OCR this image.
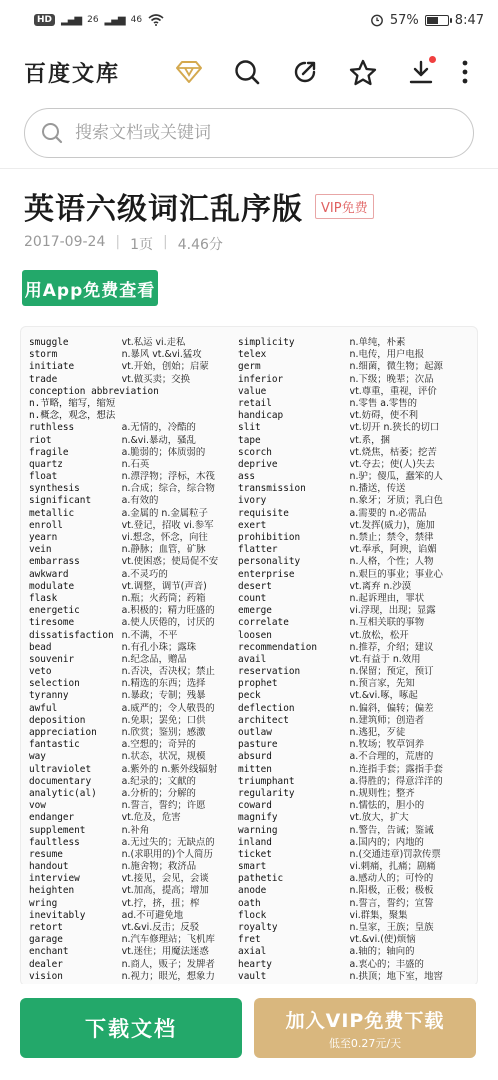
HD ▂▄▆ 26 ▂▄▆ 46	57%	8:47
百度文库
搜索文档或关键词
英语六级词汇乱序版	VIP免费
2017-09-24 | 1页 | 4.46分
用App免费查看
smuggle	vt.私运 vi.走私	simplicity	n.单纯，朴素
storm	n.暴风 vt.&vi.猛攻	telex	n.电传，用户电报
initiate	vt.开始，创始；启蒙	germ	n.细菌，微生物；起源
trade	vt.做买卖；交换	inferior	n.下级；晚辈；次品
conception abbreviation	value	vt.尊重，重视，评价
n.节略，缩写，缩短	retail	n.零售 a.零售的
n.概念，观念，想法	handicap	vt.妨碍，使不利
ruthless	a.无情的，冷酷的	slit	vt.切开 n.狭长的切口
riot	n.&vi.暴动，骚乱	tape	vt.系，捆
fragile	a.脆弱的；体质弱的	scorch	vt.烧焦，枯萎；挖苦
quartz	n.石英	deprive	vt.夺去；使(人)失去
float	n.漂浮物；浮标，木筏	ass	n.驴；傻瓜，蠢笨的人
synthesis	n.合成；综合，综合物	transmission	n.播送，传送
significant	a.有效的	ivory	n.象牙；牙质；乳白色
metallic	a.金属的 n.金属粒子	requisite	a.需要的 n.必需品
enroll	vt.登记，招收 vi.参军	exert	vt.发挥(威力)，施加
yearn	vi.想念，怀念，向往	prohibition	n.禁止；禁令，禁律
vein	n.静脉；血管，矿脉	flatter	vt.奉承，阿谀，谄媚
embarrass	vt.使困惑；使局促不安	personality	n.人格，个性；人物
awkward	a.不灵巧的	enterprise	n.艰巨的事业；事业心
modulate	vt.调整，调节(声音)	desert	vt.离弃 n.沙漠
flask	n.瓶；火药筒；药箱	count	n.起诉理由，罪状
energetic	a.积极的；精力旺盛的	emerge	vi.浮现，出现；显露
tiresome	a.使人厌倦的，讨厌的	correlate	n.互相关联的事物
dissatisfaction n.不满，不平	loosen	vt.放松，松开
bead	n.有孔小珠；露珠	recommendation	n.推荐，介绍；建议
souvenir	n.纪念品，赠品	avail	vt.有益于 n.效用
veto	n.否决，否决权；禁止	reservation	n.保留；预定，预订
selection	n.精选的东西；选择	prophet	n.预言家，先知
tyranny	n.暴政；专制；残暴	peck	vt.&vi.啄，啄起
awful	a.威严的；令人敬畏的	deflection	n.偏斜，偏转；偏差
deposition	n.免职；罢免；口供	architect	n.建筑师；创造者
appreciation	n.欣赏；鉴别；感激	outlaw	n.逃犯，歹徒
fantastic	a.空想的；奇异的	pasture	n.牧场；牧草饲养
way	n.状态，状况，规模	absurd	a.不合理的，荒唐的
ultraviolet	a.紫外的 n.紫外线辐射	mitten	n.连指手套；露指手套
documentary	a.纪录的；文献的	triumphant	a.得胜的；得意洋洋的
analytic(al)	a.分析的；分解的	regularity	n.规则性；整齐
vow	n.誓言，誓约；许愿	coward	n.懦怯的，胆小的
endanger	vt.危及，危害	magnify	vt.放大，扩大
supplement	n.补角	warning	n.警告，告诫；鉴诫
faultless	a.无过失的；无缺点的	inland	a.国内的；内地的
resume	n.(求职用的)个人简历	ticket	n.(交通违章)罚款传票
handout	n.施舍物；救济品	smart	vi.刺痛，扎痛；剧痛
interview	vt.接见，会见，会谈	pathetic	a.感动人的；可怜的
heighten	vt.加高，提高；增加	anode	n.阳极，正极；极板
wring	vt.拧，挤，扭；榨	oath	n.誓言，誓约；宣誓
inevitably	ad.不可避免地	flock	vi.群集，聚集
retort	vt.&vi.反击；反驳	royalty	n.皇家，王族；皇族
garage	n.汽车修理站；飞机库	fret	vt.&vi.(使)烦恼
enchant	vt.迷住；用魔法迷惑	axial	a.轴的；轴向的
dealer	n.商人，贩子；发牌者	hearty	a.衷心的；丰盛的
vision	n.视力；眼光，想象力	vault	n.拱顶；地下室，地窖
下载文档	加入VIP免费下载
低至0.27元/天
